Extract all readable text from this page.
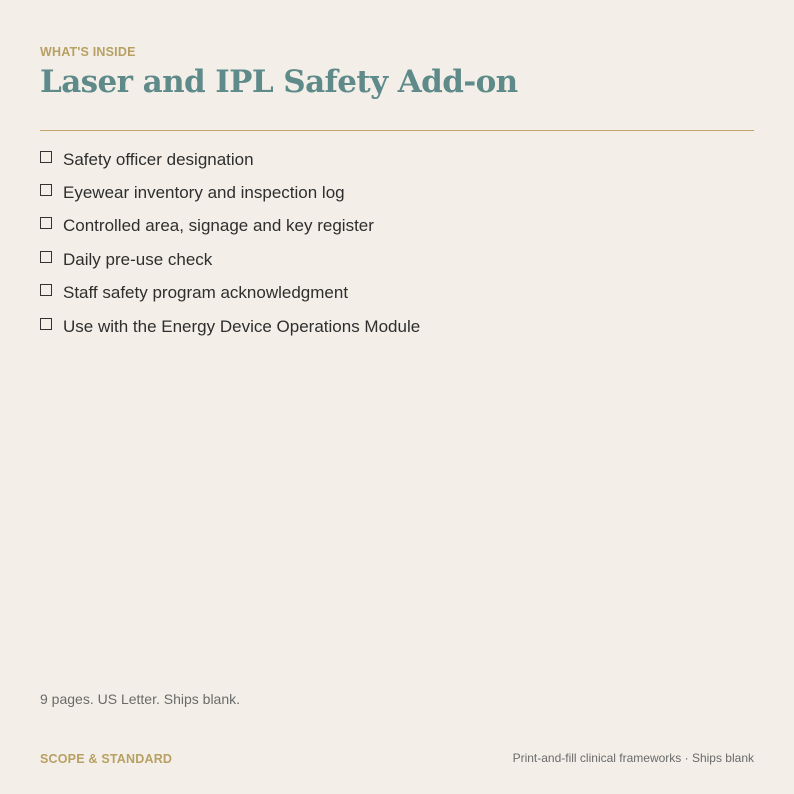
WHAT'S INSIDE
Laser and IPL Safety Add-on
Safety officer designation
Eyewear inventory and inspection log
Controlled area, signage and key register
Daily pre-use check
Staff safety program acknowledgment
Use with the Energy Device Operations Module
9 pages. US Letter. Ships blank.
SCOPE & STANDARD	Print-and-fill clinical frameworks · Ships blank
